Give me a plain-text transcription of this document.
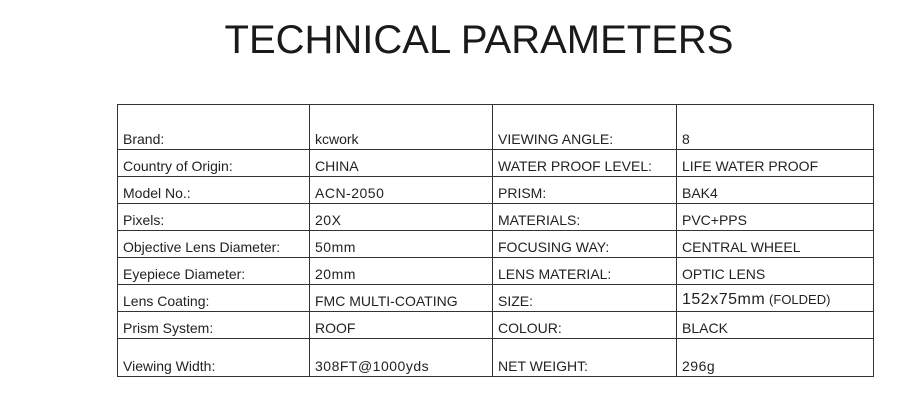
TECHNICAL PARAMETERS
Brand:	kcwork	VIEWING ANGLE:	8
Country of Origin:	CHINA	WATER PROOF LEVEL:	LIFE WATER PROOF
Model No.:	ACN-2050	PRISM:	BAK4
Pixels:	20X	MATERIALS:	PVC+PPS
Objective Lens Diameter:	50mm	FOCUSING WAY:	CENTRAL WHEEL
Eyepiece Diameter:	20mm	LENS MATERIAL:	OPTIC LENS
Lens Coating:	FMC MULTI-COATING	SIZE:	152x75mm (FOLDED)
Prism System:	ROOF	COLOUR:	BLACK
Viewing Width:	308FT@1000yds	NET WEIGHT:	296g
